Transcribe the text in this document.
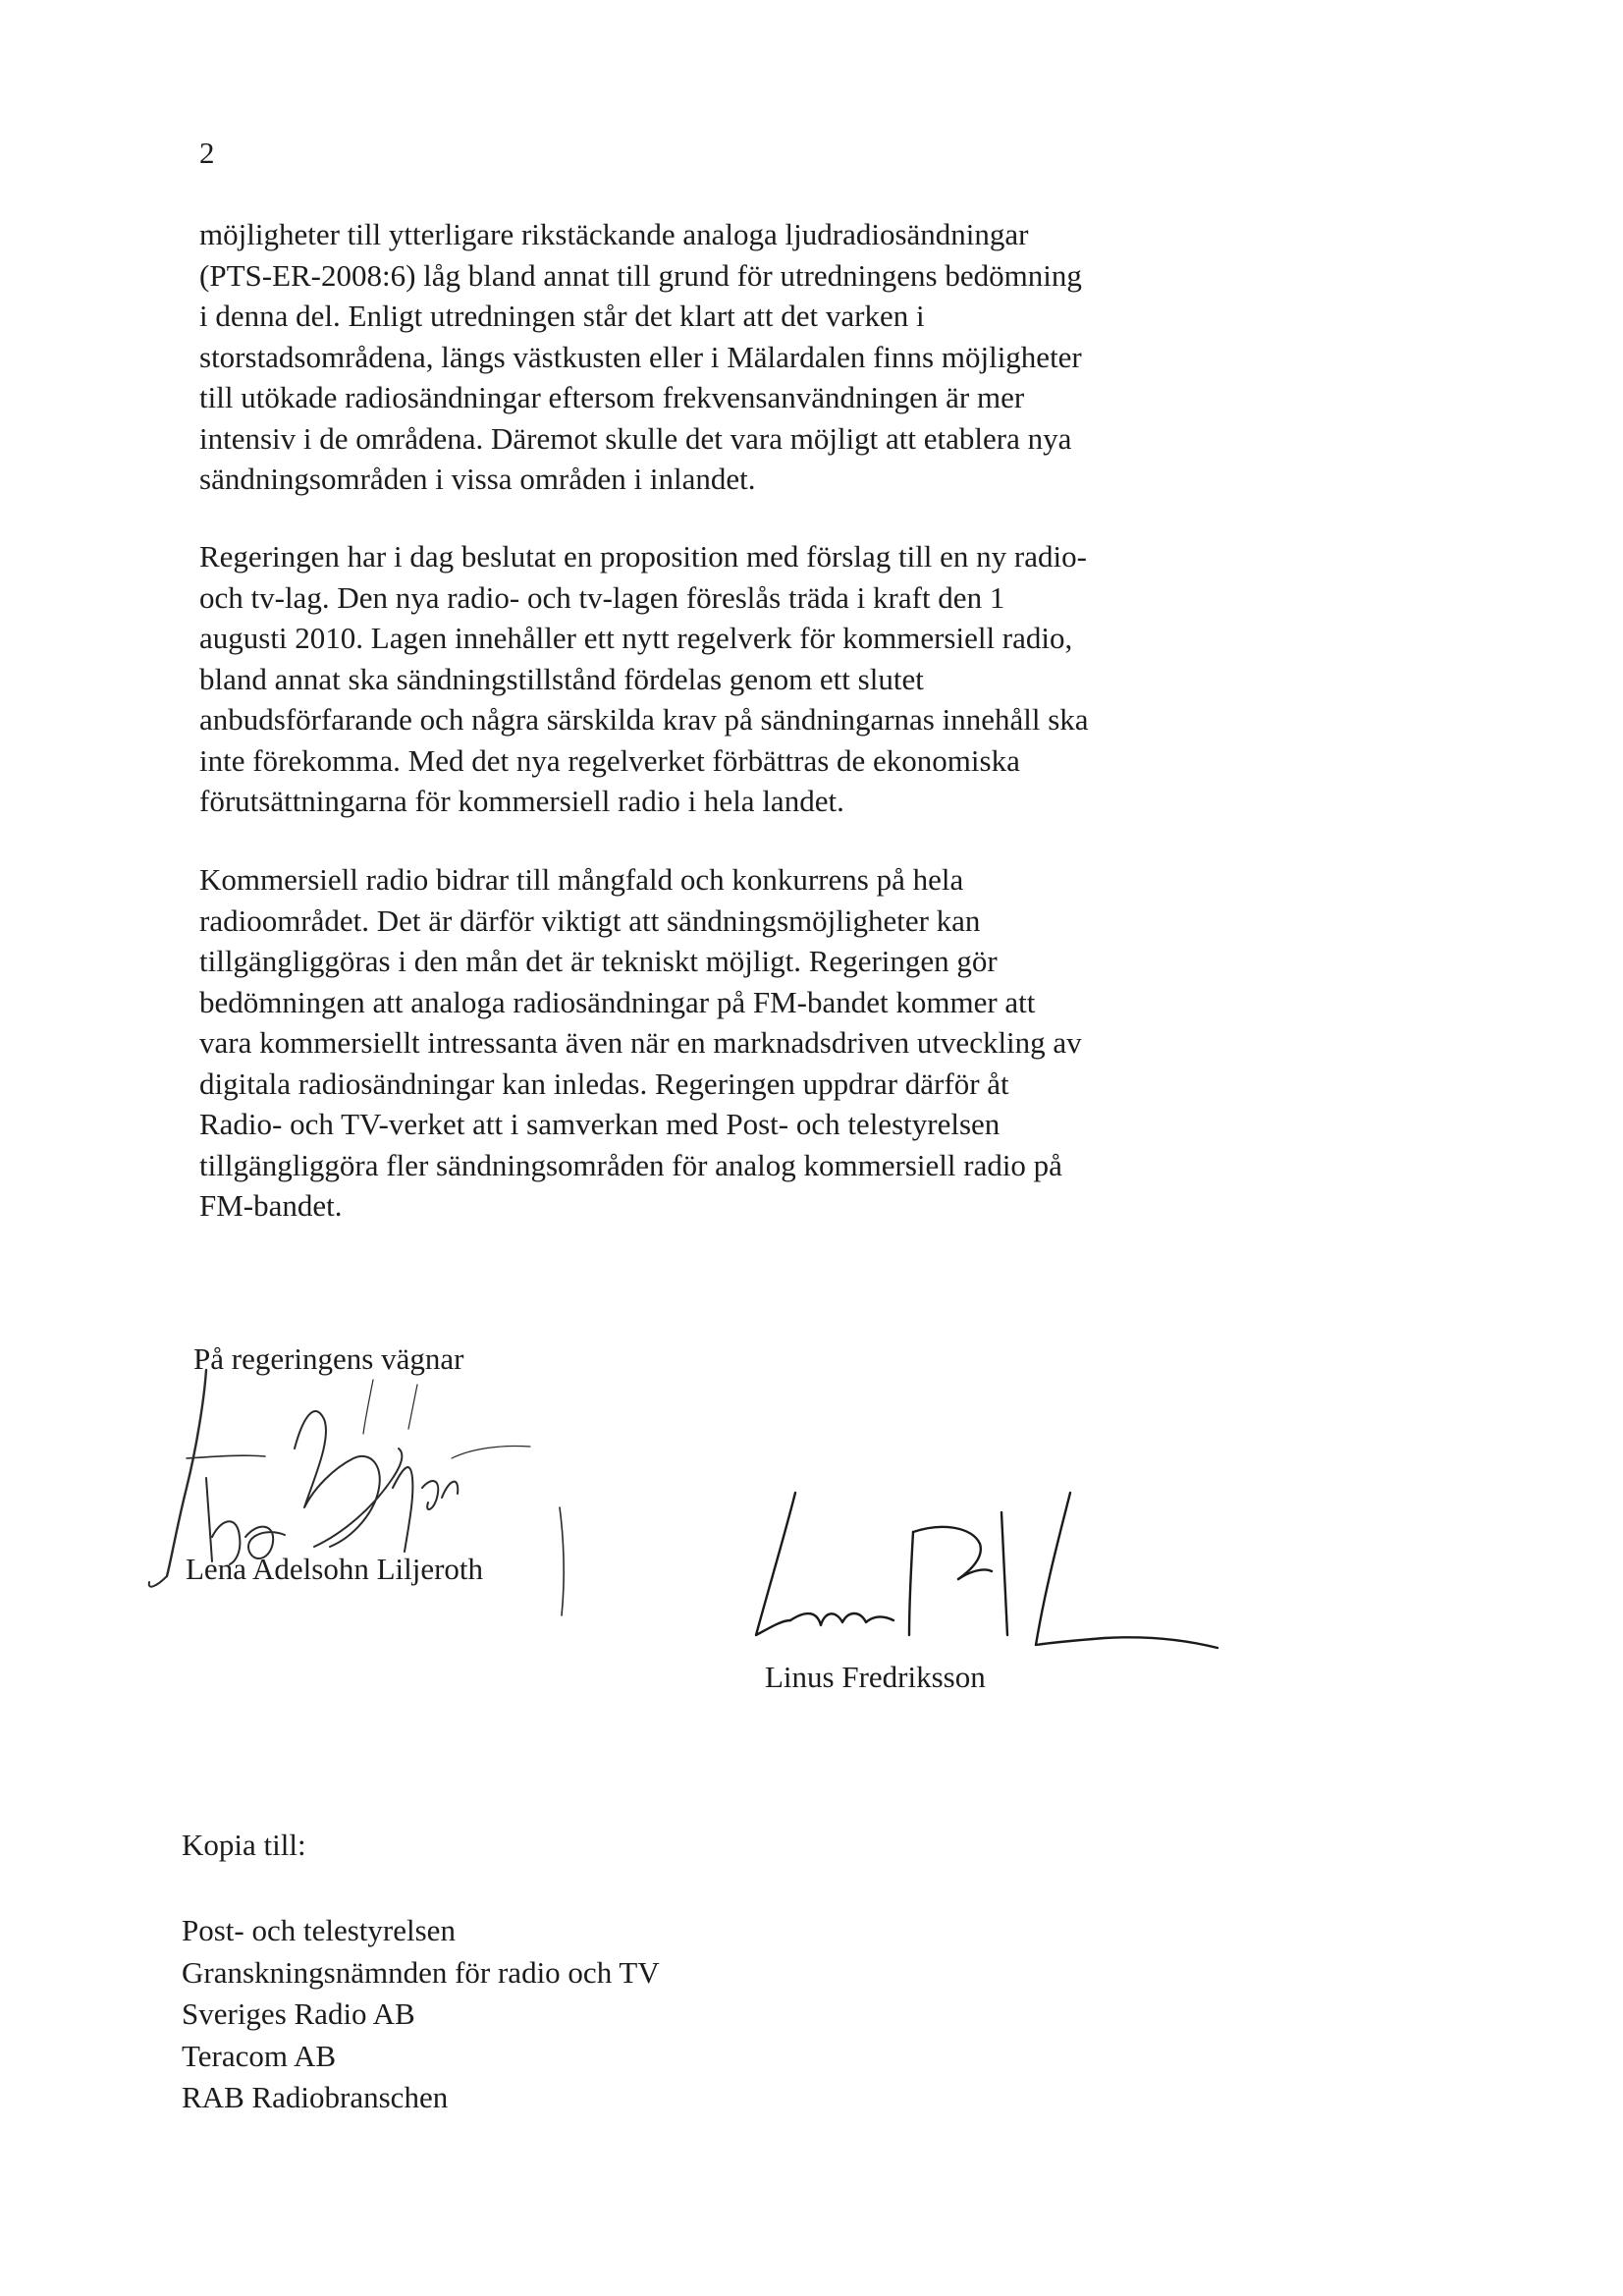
2
möjligheter till ytterligare rikstäckande analoga ljudradiosändningar
(PTS-ER-2008:6) låg bland annat till grund för utredningens bedömning
i denna del. Enligt utredningen står det klart att det varken i
storstadsområdena, längs västkusten eller i Mälardalen finns möjligheter
till utökade radiosändningar eftersom frekvensanvändningen är mer
intensiv i de områdena. Däremot skulle det vara möjligt att etablera nya
sändningsområden i vissa områden i inlandet.
Regeringen har i dag beslutat en proposition med förslag till en ny radio-
och tv-lag. Den nya radio- och tv-lagen föreslås träda i kraft den 1
augusti 2010. Lagen innehåller ett nytt regelverk för kommersiell radio,
bland annat ska sändningstillstånd fördelas genom ett slutet
anbudsförfarande och några särskilda krav på sändningarnas innehåll ska
inte förekomma. Med det nya regelverket förbättras de ekonomiska
förutsättningarna för kommersiell radio i hela landet.
Kommersiell radio bidrar till mångfald och konkurrens på hela
radioområdet. Det är därför viktigt att sändningsmöjligheter kan
tillgängliggöras i den mån det är tekniskt möjligt. Regeringen gör
bedömningen att analoga radiosändningar på FM-bandet kommer att
vara kommersiellt intressanta även när en marknadsdriven utveckling av
digitala radiosändningar kan inledas. Regeringen uppdrar därför åt
Radio- och TV-verket att i samverkan med Post- och telestyrelsen
tillgängliggöra fler sändningsområden för analog kommersiell radio på
FM-bandet.
På regeringens vägnar
Lena Adelsohn Liljeroth
Linus Fredriksson
Kopia till:
Post- och telestyrelsen
Granskningsnämnden för radio och TV
Sveriges Radio AB
Teracom AB
RAB Radiobranschen
